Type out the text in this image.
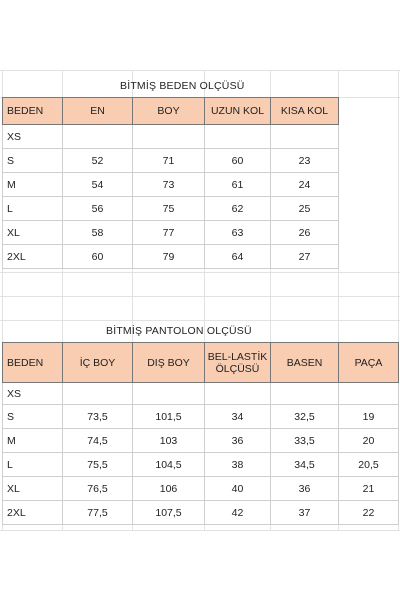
BİTMİŞ BEDEN OLÇÜSÜ
BEDEN	EN	BOY	UZUN KOL	KISA KOL
XS				
S	52	71	60	23
M	54	73	61	24
L	56	75	62	25
XL	58	77	63	26
2XL	60	79	64	27
BİTMİŞ PANTOLON OLÇÜSÜ
BEDEN	İÇ BOY	DIŞ BOY	BEL-LASTİK ÖLÇÜSÜ	BASEN	PAÇA
XS					
S	73,5	101,5	34	32,5	19
M	74,5	103	36	33,5	20
L	75,5	104,5	38	34,5	20,5
XL	76,5	106	40	36	21
2XL	77,5	107,5	42	37	22
